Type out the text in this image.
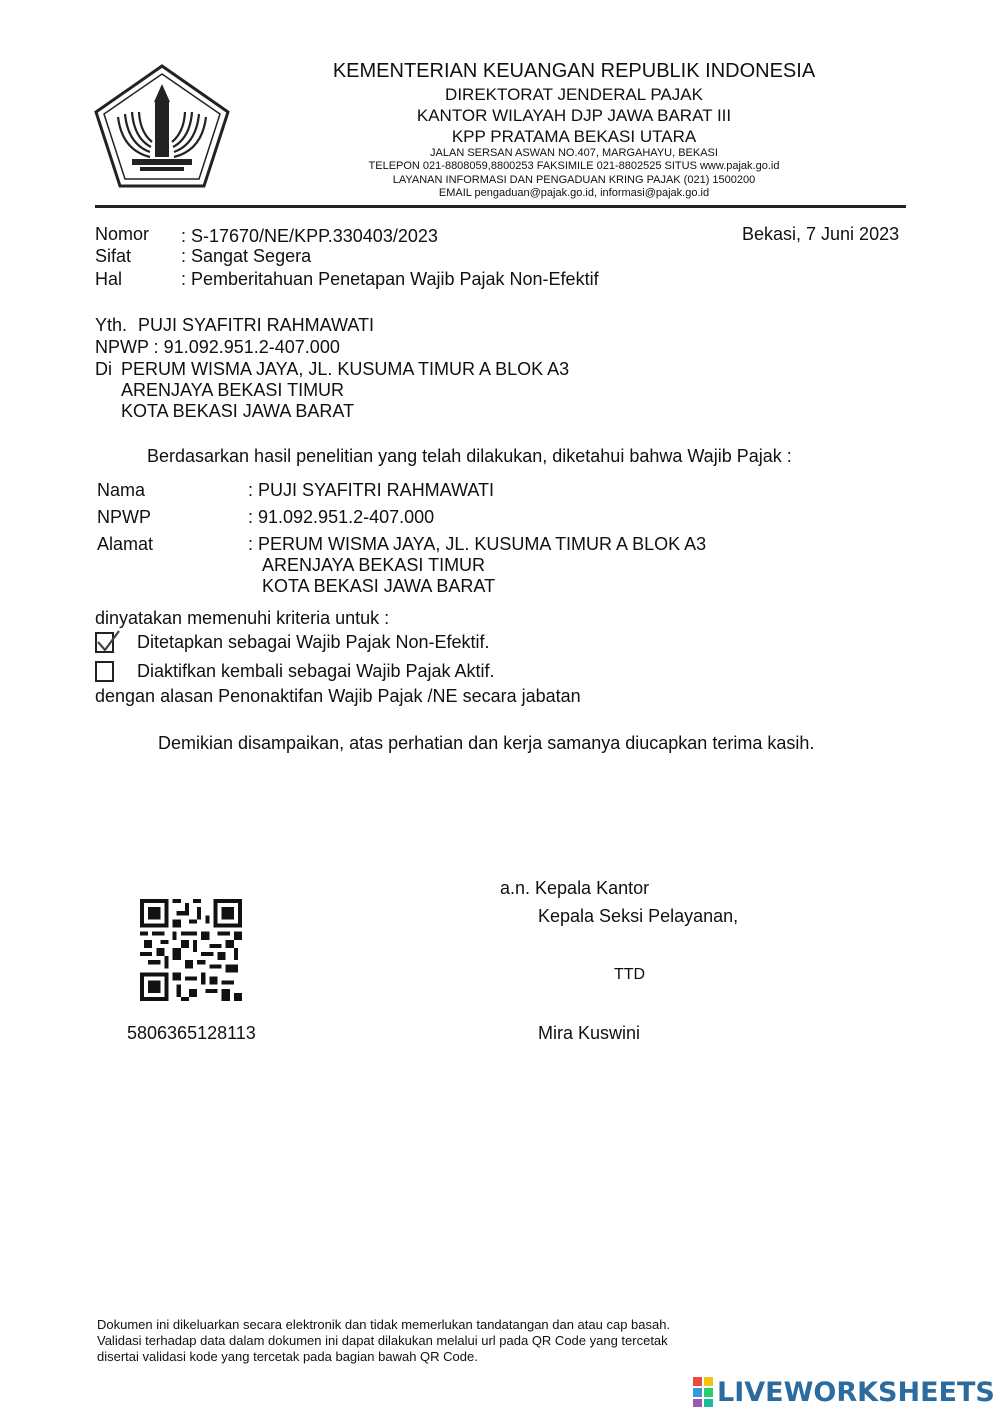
KEMENTERIAN KEUANGAN REPUBLIK INDONESIA
DIREKTORAT JENDERAL PAJAK
KANTOR WILAYAH DJP JAWA BARAT III
KPP PRATAMA BEKASI UTARA
JALAN SERSAN ASWAN NO.407, MARGAHAYU, BEKASI
TELEPON 021-8808059,8800253 FAKSIMILE 021-8802525 SITUS www.pajak.go.id
LAYANAN INFORMASI DAN PENGADUAN KRING PAJAK (021) 1500200
EMAIL pengaduan@pajak.go.id, informasi@pajak.go.id
Nomor : S-17670/NE/KPP.330403/2023	Bekasi, 7 Juni 2023
Sifat	: Sangat Segera
Hal	: Pemberitahuan Penetapan Wajib Pajak Non-Efektif
Yth. PUJI SYAFITRI RAHMAWATI
NPWP : 91.092.951.2-407.000
Di PERUM WISMA JAYA, JL. KUSUMA TIMUR A BLOK A3
ARENJAYA BEKASI TIMUR
KOTA BEKASI JAWA BARAT
Berdasarkan hasil penelitian yang telah dilakukan, diketahui bahwa Wajib Pajak :
Nama	: PUJI SYAFITRI RAHMAWATI
NPWP	: 91.092.951.2-407.000
Alamat	: PERUM WISMA JAYA, JL. KUSUMA TIMUR A BLOK A3
ARENJAYA BEKASI TIMUR
KOTA BEKASI JAWA BARAT
dinyatakan memenuhi kriteria untuk :
Ditetapkan sebagai Wajib Pajak Non-Efektif.
Diaktifkan kembali sebagai Wajib Pajak Aktif.
dengan alasan Penonaktifan Wajib Pajak /NE secara jabatan
Demikian disampaikan, atas perhatian dan kerja samanya diucapkan terima kasih.
a.n. Kepala Kantor
Kepala Seksi Pelayanan,
TTD
Mira Kuswini
5806365128113
Dokumen ini dikeluarkan secara elektronik dan tidak memerlukan tandatangan dan atau cap basah.
Validasi terhadap data dalam dokumen ini dapat dilakukan melalui url pada QR Code yang tercetak
disertai validasi kode yang tercetak pada bagian bawah QR Code.
LIVEWORKSHEETS
